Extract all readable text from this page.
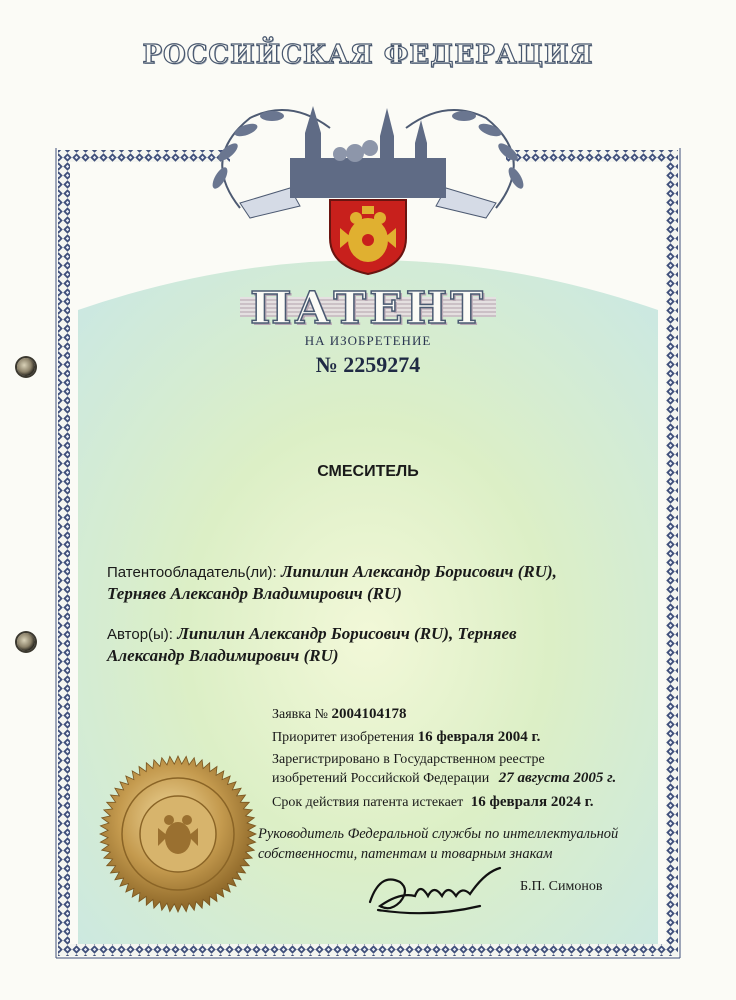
РОССИЙСКАЯ ФЕДЕРАЦИЯ
ПАТЕНТ
НА ИЗОБРЕТЕНИЕ
№ 2259274
СМЕСИТЕЛЬ
Патентообладатель(ли): Липилин Александр Борисович (RU),
Терняев Александр Владимирович (RU)
Автор(ы): Липилин Александр Борисович (RU), Терняев
Александр Владимирович (RU)
Заявка № 2004104178
Приоритет изобретения 16 февраля 2004 г.
Зарегистрировано в Государственном реестре
изобретений Российской Федерации 27 августа 2005 г.
Срок действия патента истекает 16 февраля 2024 г.
Руководитель Федеральной службы по интеллектуальной
собственности, патентам и товарным знакам
Б.П. Симонов
